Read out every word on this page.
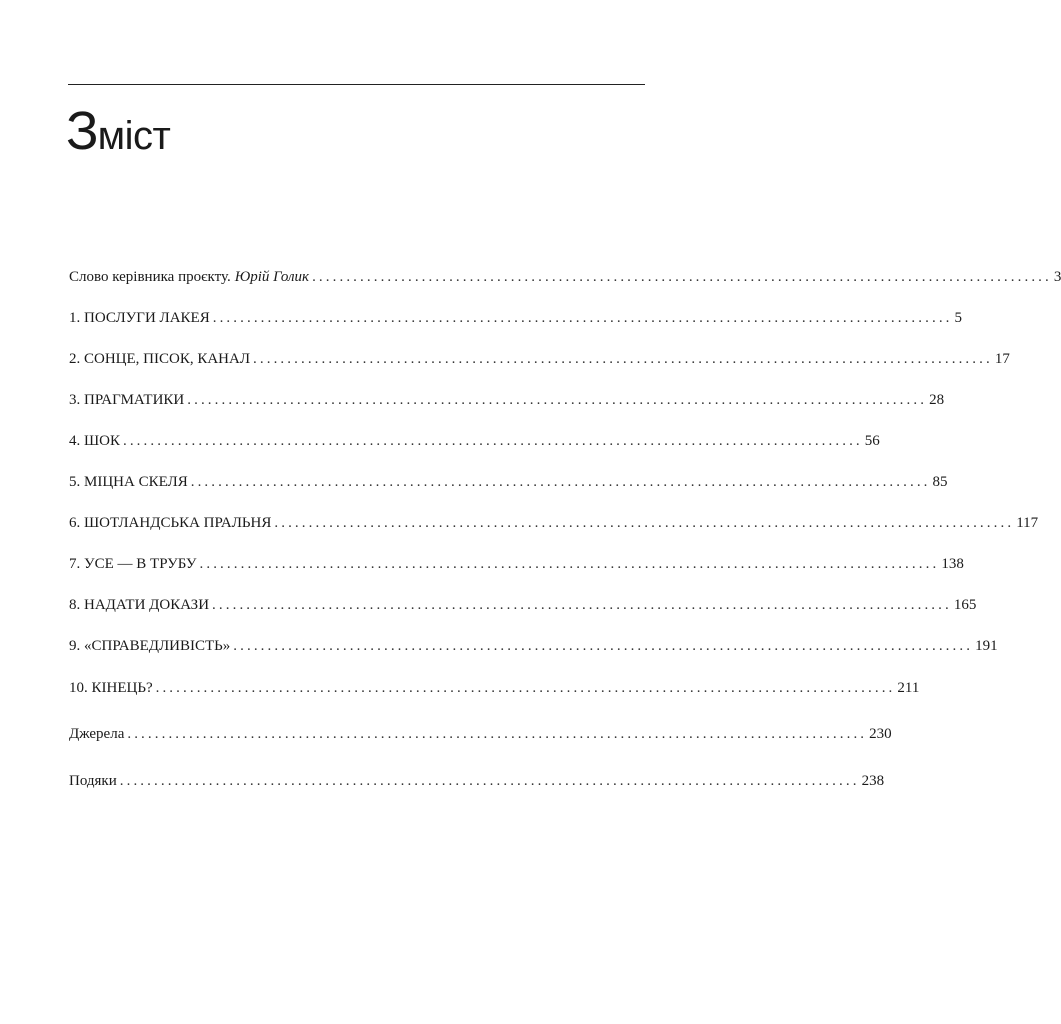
Зміст
Слово керівника проєкту. Юрій Голик ............................................................................................................ 3
1. ПОСЛУГИ ЛАКЕЯ ............................................................................................................ 5
2. СОНЦЕ, ПІСОК, КАНАЛ ............................................................................................................ 17
3. ПРАГМАТИКИ ............................................................................................................ 28
4. ШОК ............................................................................................................ 56
5. МІЦНА СКЕЛЯ ............................................................................................................ 85
6. ШОТЛАНДСЬКА ПРАЛЬНЯ ............................................................................................................ 117
7. УСЕ — В ТРУБУ ............................................................................................................ 138
8. НАДАТИ ДОКАЗИ ............................................................................................................ 165
9. «СПРАВЕДЛИВІСТЬ» ............................................................................................................ 191
10. КІНЕЦЬ? ............................................................................................................ 211
Джерела ............................................................................................................ 230
Подяки ............................................................................................................ 238
